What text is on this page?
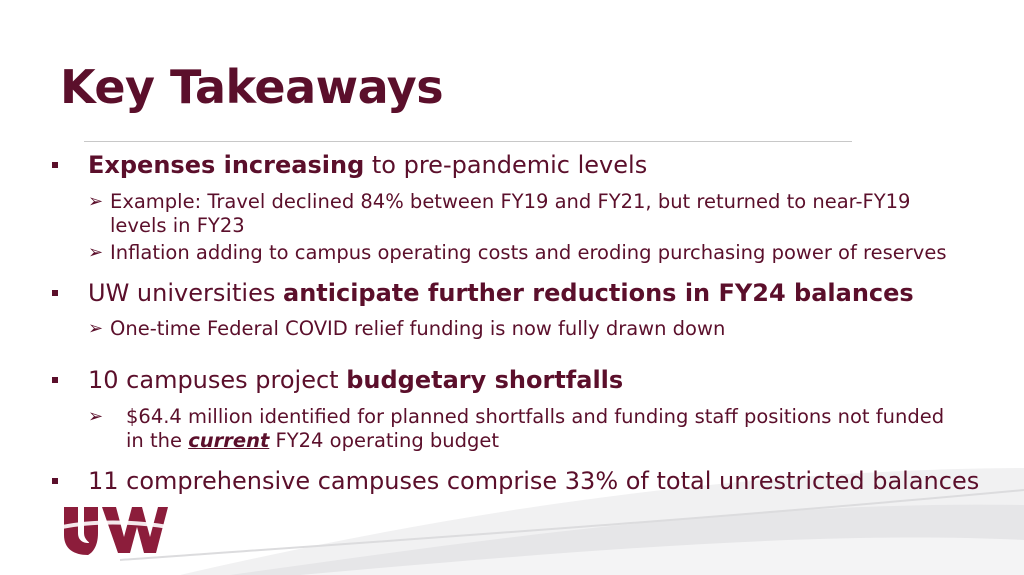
Key Takeaways
Expenses increasing to pre-pandemic levels
➢ Example: Travel declined 84% between FY19 and FY21, but returned to near-FY19
levels in FY23
➢ Inflation adding to campus operating costs and eroding purchasing power of reserves
UW universities anticipate further reductions in FY24 balances
➢ One-time Federal COVID relief funding is now fully drawn down
10 campuses project budgetary shortfalls
➢ $64.4 million identified for planned shortfalls and funding staff positions not funded
in the current FY24 operating budget
11 comprehensive campuses comprise 33% of total unrestricted balances
